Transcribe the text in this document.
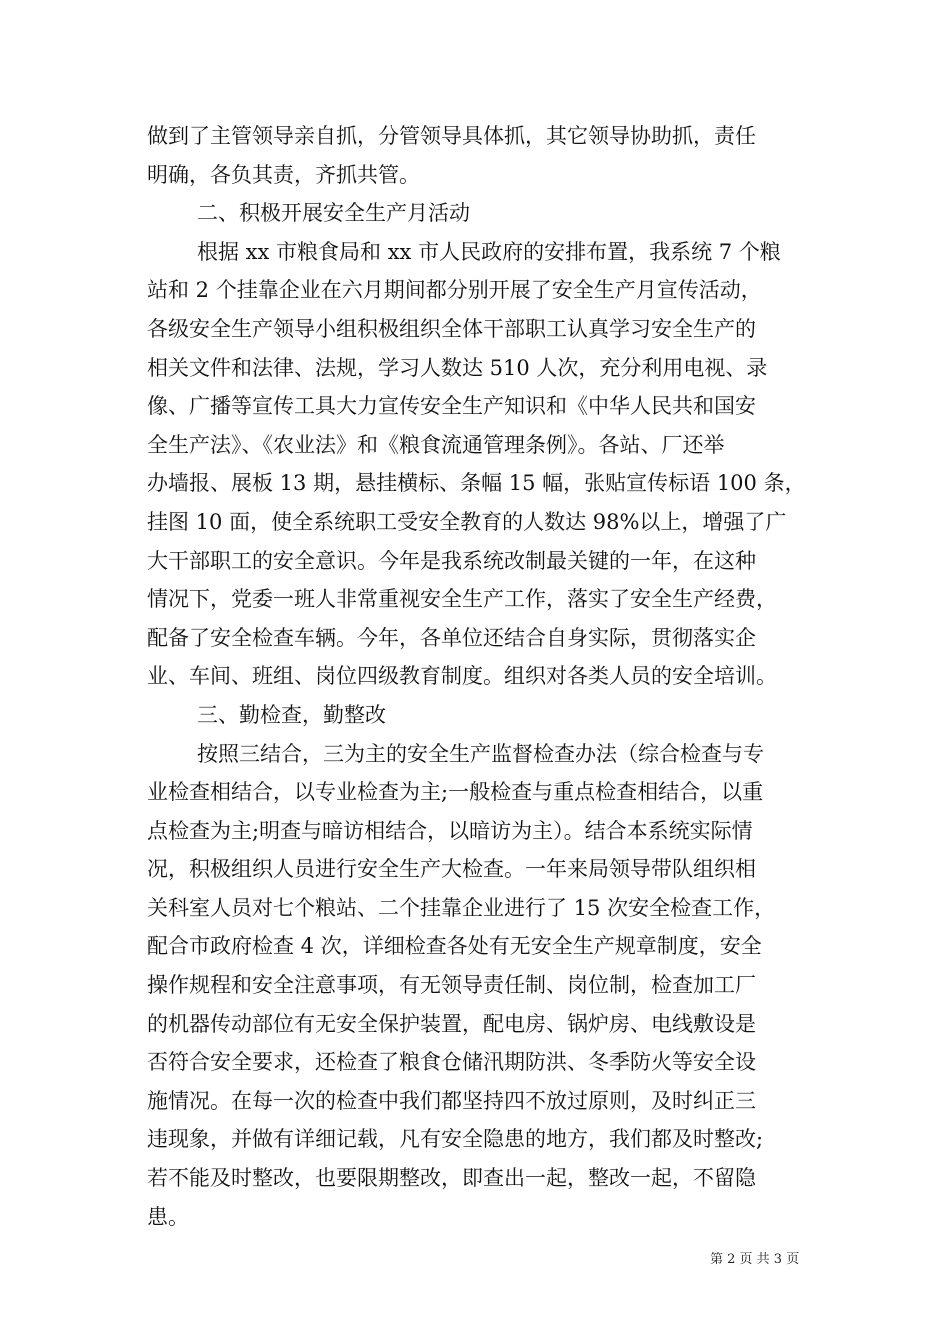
做到了主管领导亲自抓，分管领导具体抓，其它领导协助抓，责任
明确，各负其责，齐抓共管。
二、积极开展安全生产月活动
根据 xx 市粮食局和 xx 市人民政府的安排布置，我系统 7 个粮
站和 2 个挂靠企业在六月期间都分别开展了安全生产月宣传活动，
各级安全生产领导小组积极组织全体干部职工认真学习安全生产的
相关文件和法律、法规，学习人数达 510 人次，充分利用电视、录
像、广播等宣传工具大力宣传安全生产知识和《中华人民共和国安
全生产法》、《农业法》和《粮食流通管理条例》。各站、厂还举
办墙报、展板 13 期，悬挂横标、条幅 15 幅，张贴宣传标语 100 条，
挂图 10 面，使全系统职工受安全教育的人数达 98%以上，增强了广
大干部职工的安全意识。今年是我系统改制最关键的一年，在这种
情况下，党委一班人非常重视安全生产工作，落实了安全生产经费，
配备了安全检查车辆。今年，各单位还结合自身实际，贯彻落实企
业、车间、班组、岗位四级教育制度。组织对各类人员的安全培训。
三、勤检查，勤整改
按照三结合，三为主的安全生产监督检查办法（综合检查与专
业检查相结合，以专业检查为主;一般检查与重点检查相结合，以重
点检查为主;明查与暗访相结合，以暗访为主）。结合本系统实际情
况，积极组织人员进行安全生产大检查。一年来局领导带队组织相
关科室人员对七个粮站、二个挂靠企业进行了 15 次安全检查工作，
配合市政府检查 4 次，详细检查各处有无安全生产规章制度，安全
操作规程和安全注意事项，有无领导责任制、岗位制，检查加工厂
的机器传动部位有无安全保护装置，配电房、锅炉房、电线敷设是
否符合安全要求，还检查了粮食仓储汛期防洪、冬季防火等安全设
施情况。在每一次的检查中我们都坚持四不放过原则，及时纠正三
违现象，并做有详细记载，凡有安全隐患的地方，我们都及时整改;
若不能及时整改，也要限期整改，即查出一起，整改一起，不留隐
患。
第 2 页 共 3 页
